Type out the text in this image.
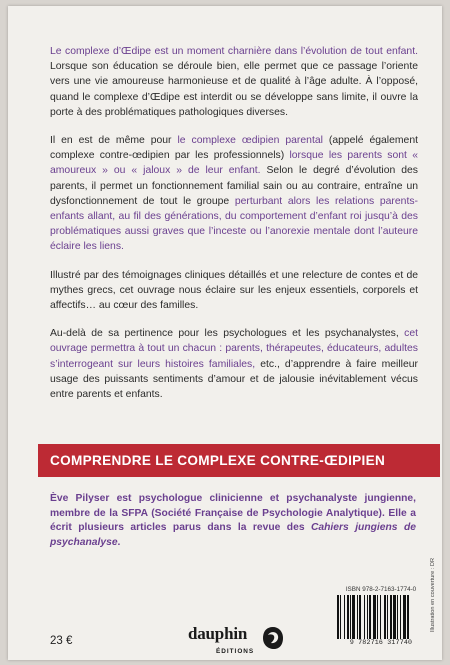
Le complexe d’Œdipe est un moment charnière dans l’évolution de tout enfant. Lorsque son éducation se déroule bien, elle permet que ce passage l’oriente vers une vie amoureuse harmonieuse et de qualité à l’âge adulte. À l’opposé, quand le complexe d’Œdipe est interdit ou se développe sans limite, il ouvre la porte à des problématiques pathologiques diverses.

Il en est de même pour le complexe œdipien parental (appelé également complexe contre-œdipien par les professionnels) lorsque les parents sont « amoureux » ou « jaloux » de leur enfant. Selon le degré d’évolution des parents, il permet un fonctionnement familial sain ou au contraire, entraîne un dysfonctionnement de tout le groupe perturbant alors les relations parents-enfants allant, au fil des générations, du comportement d’enfant roi jusqu’à des problématiques aussi graves que l’inceste ou l’anorexie mentale dont l’auteure éclaire les liens.

Illustré par des témoignages cliniques détaillés et une relecture de contes et de mythes grecs, cet ouvrage nous éclaire sur les enjeux essentiels, corporels et affectifs… au cœur des familles.

Au-delà de sa pertinence pour les psychologues et les psychanalystes, cet ouvrage permettra à tout un chacun : parents, thérapeutes, éducateurs, adultes s’interrogeant sur leurs histoires familiales, etc., d’apprendre à faire meilleur usage des puissants sentiments d’amour et de jalousie inévitablement vécus entre parents et enfants.

COMPRENDRE LE COMPLEXE CONTRE-ŒDIPIEN
Ève Pilyser est psychologue clinicienne et psychanalyste jungienne, membre de la SFPA (Société Française de Psychologie Analytique). Elle a écrit plusieurs articles parus dans la revue des Cahiers jungiens de psychanalyse.
ISBN 978-2-7163-1774-0
9 782716 317740
23 €	dauphin
ÉDITIONS
Illustration en couverture : DR
